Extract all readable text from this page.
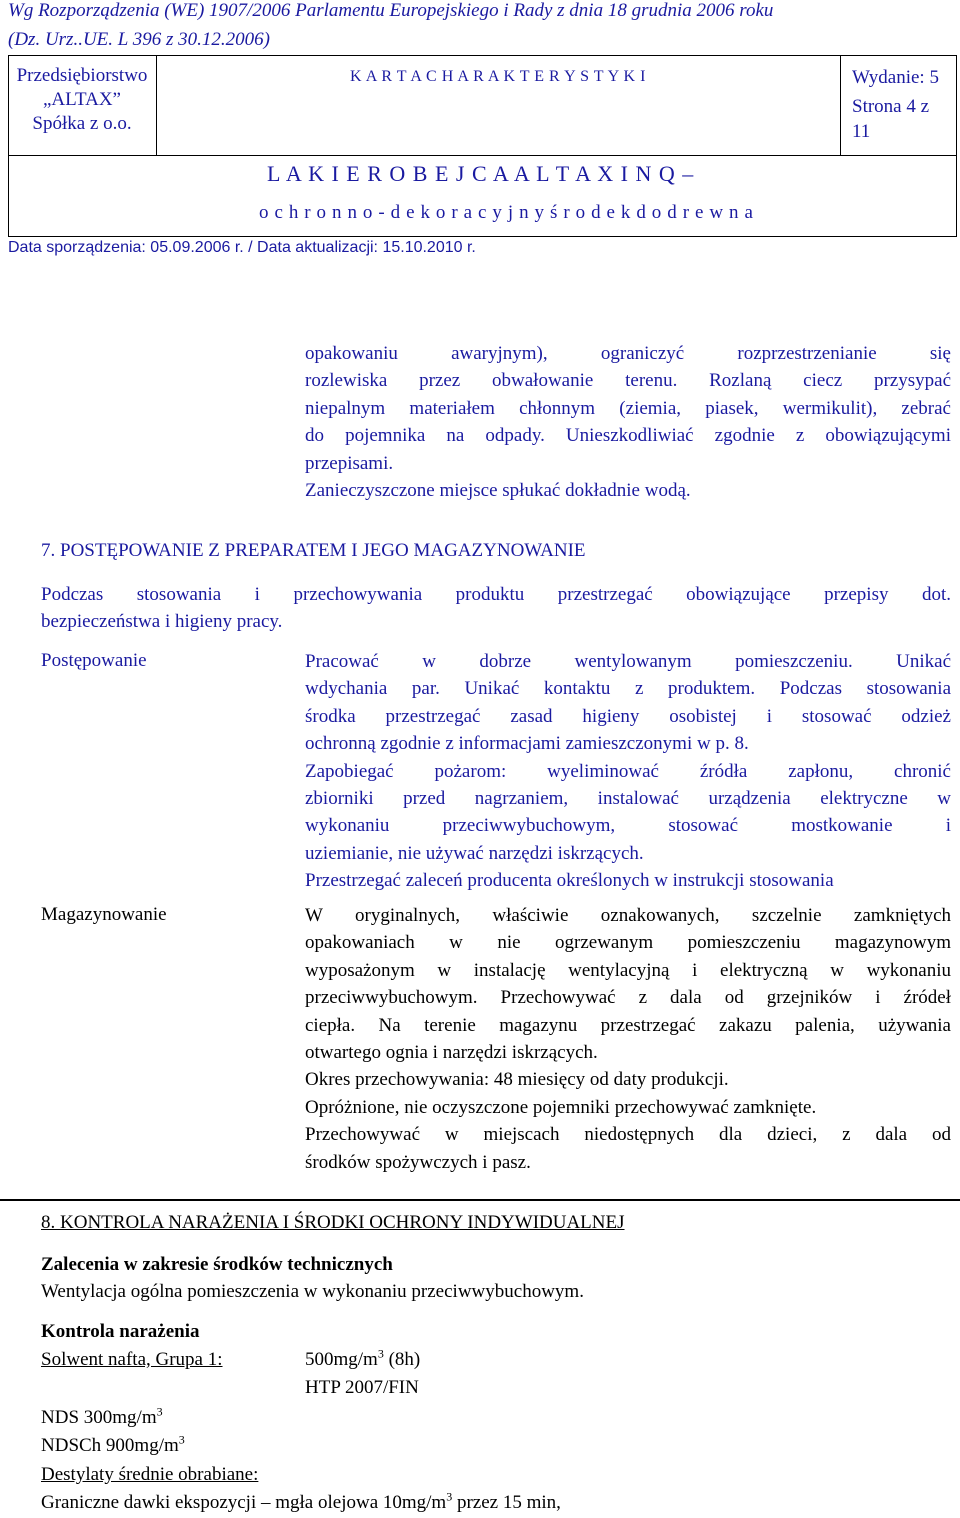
Wg Rozporządzenia (WE) 1907/2006 Parlamentu Europejskiego i Rady z dnia 18 grudnia 2006 roku
(Dz. Urz..UE. L 396 z 30.12.2006)
Przedsiębiorstwo
„ALTAX”
Spółka z o.o.
K A R T A C H A R A K T E R Y S T Y K I	Wydanie: 5
Strona 4 z
11
L A K I E R O B E J C A A L T A X I N Q –
o c h r o n n o - d e k o r a c y j n y ś r o d e k d o d r e w n a
Data sporządzenia: 05.09.2006 r. / Data aktualizacji: 15.10.2010 r.
opakowaniu awaryjnym), ograniczyć rozprzestrzenianie się
rozlewiska przez obwałowanie terenu. Rozlaną ciecz przysypać
niepalnym materiałem chłonnym (ziemia, piasek, wermikulit), zebrać
do pojemnika na odpady. Unieszkodliwiać zgodnie z obowiązującymi
przepisami.
Zanieczyszczone miejsce spłukać dokładnie wodą.
7. POSTĘPOWANIE Z PREPARATEM I JEGO MAGAZYNOWANIE
Podczas stosowania i przechowywania produktu przestrzegać obowiązujące przepisy dot.
bezpieczeństwa i higieny pracy.
Postępowanie	Pracować w dobrze wentylowanym pomieszczeniu. Unikać
wdychania par. Unikać kontaktu z produktem. Podczas stosowania
środka przestrzegać zasad higieny osobistej i stosować odzież
ochronną zgodnie z informacjami zamieszczonymi w p. 8.
Zapobiegać pożarom: wyeliminować źródła zapłonu, chronić
zbiorniki przed nagrzaniem, instalować urządzenia elektryczne w
wykonaniu przeciwwybuchowym, stosować mostkowanie i
uziemianie, nie używać narzędzi iskrzących.
Przestrzegać zaleceń producenta określonych w instrukcji stosowania
Magazynowanie	W oryginalnych, właściwie oznakowanych, szczelnie zamkniętych
opakowaniach w nie ogrzewanym pomieszczeniu magazynowym
wyposażonym w instalację wentylacyjną i elektryczną w wykonaniu
przeciwwybuchowym. Przechowywać z dala od grzejników i źródeł
ciepła. Na terenie magazynu przestrzegać zakazu palenia, używania
otwartego ognia i narzędzi iskrzących.
Okres przechowywania: 48 miesięcy od daty produkcji.
Opróżnione, nie oczyszczone pojemniki przechowywać zamknięte.
Przechowywać w miejscach niedostępnych dla dzieci, z dala od
środków spożywczych i pasz.
8. KONTROLA NARAŻENIA I ŚRODKI OCHRONY INDYWIDUALNEJ
Zalecenia w zakresie środków technicznych
Wentylacja ogólna pomieszczenia w wykonaniu przeciwwybuchowym.
Kontrola narażenia
Solwent nafta, Grupa 1:	$500mg/m^3$ (8h)
HTP 2007/FIN
NDS $300mg/m^3$
NDSCh $900mg/m^3$
Destylaty średnie obrabiane:
Graniczne dawki ekspozycji – mgła olejowa $10mg/m^3$ przez 15 min,
